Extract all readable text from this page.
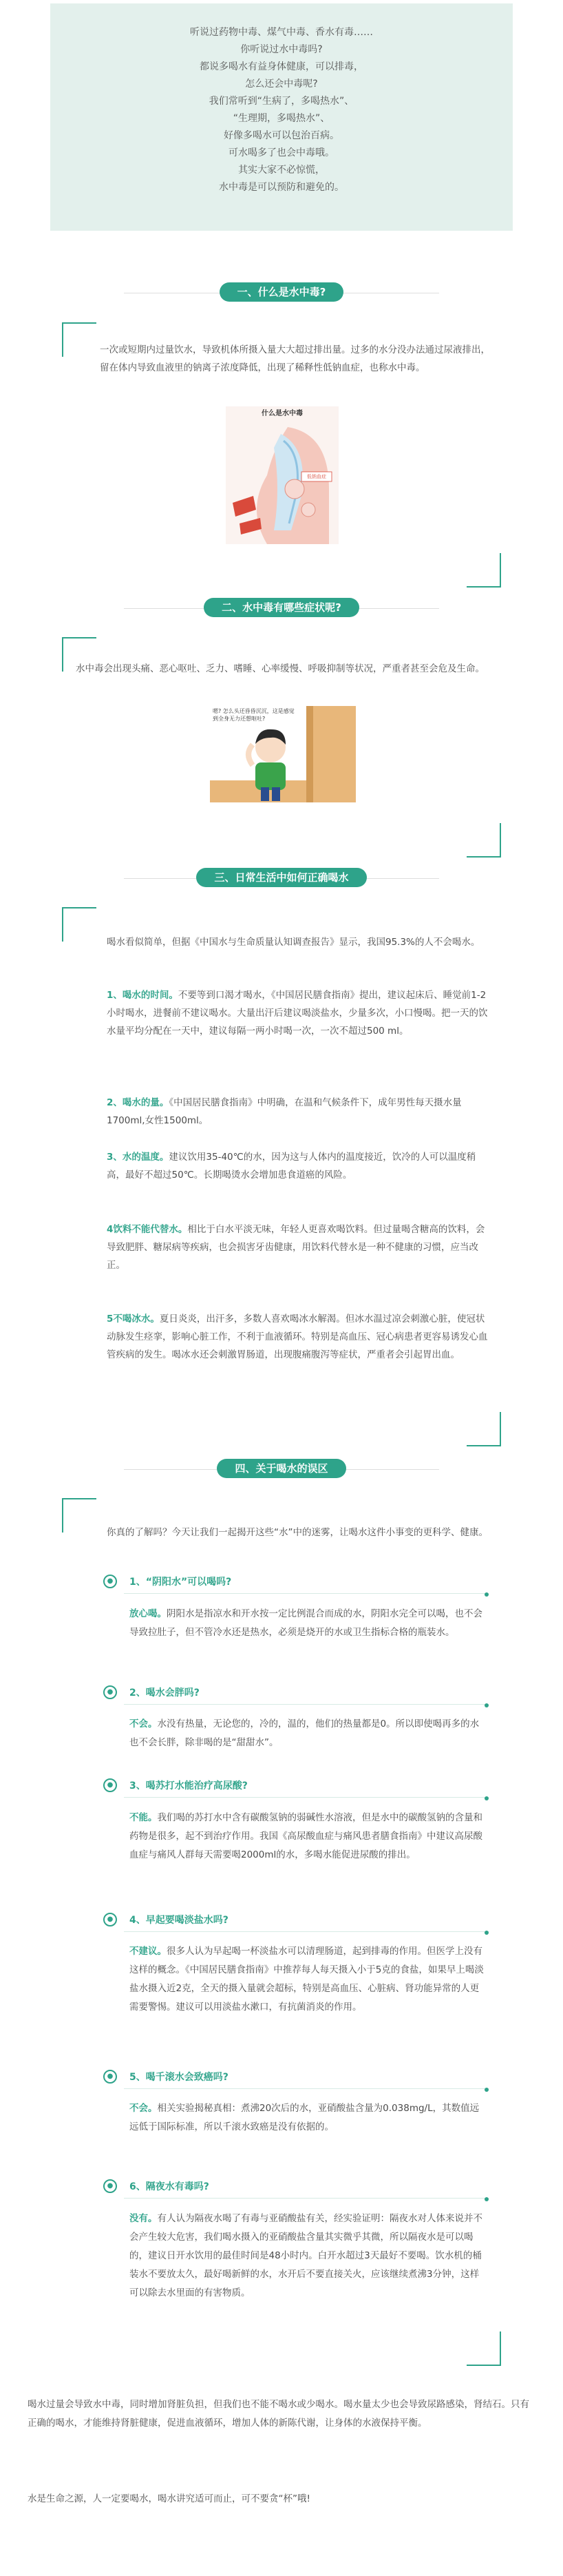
听说过药物中毒、煤气中毒、香水有毒……

你听说过水中毒吗?

都说多喝水有益身体健康，可以排毒，

怎么还会中毒呢?

我们常听到“生病了，多喝热水”、

“生理期，多喝热水”、

好像多喝水可以包治百病。

可水喝多了也会中毒哦。

其实大家不必惊慌，

水中毒是可以预防和避免的。

一、什么是水中毒?
一次或短期内过量饮水，导致机体所摄入量大大超过排出量。过多的水分没办法通过尿液排出，留在体内导致血液里的钠离子浓度降低，出现了稀释性低钠血症，也称水中毒。
什么是水中毒
低钠血症
二、水中毒有哪些症状呢?
水中毒会出现头痛、恶心呕吐、乏力、嗜睡、心率缓慢、呼吸抑制等状况，严重者甚至会危及生命。
嗯? 怎么头还昏昏沉沉，这是感觉到全身无力还想呕吐?
三、日常生活中如何正确喝水
喝水看似简单，但据《中国水与生命质量认知调查报告》显示，我国95.3%的人不会喝水。
1、喝水的时间。不要等到口渴才喝水，《中国居民膳食指南》提出，建议起床后、睡觉前1-2小时喝水，进餐前不建议喝水。大量出汗后建议喝淡盐水，少量多次，小口慢喝。把一天的饮水量平均分配在一天中，建议每隔一两小时喝一次，一次不超过500 ml。
2、喝水的量。《中国居民膳食指南》中明确，在温和气候条件下，成年男性每天摄水量1700ml,女性1500ml。
3、水的温度。建议饮用35-40℃的水，因为这与人体内的温度接近，饮冷的人可以温度稍高，最好不超过50℃。长期喝烫水会增加患食道癌的风险。
4饮料不能代替水。相比于白水平淡无味，年轻人更喜欢喝饮料。但过量喝含糖高的饮料，会导致肥胖、糖尿病等疾病，也会损害牙齿健康，用饮料代替水是一种不健康的习惯，应当改正。
5不喝冰水。夏日炎炎，出汗多，多数人喜欢喝冰水解渴。但冰水温过凉会刺激心脏，使冠状动脉发生痉挛，影响心脏工作，不利于血液循环。特别是高血压、冠心病患者更容易诱发心血管疾病的发生。喝冰水还会刺激胃肠道，出现腹痛腹泻等症状，严重者会引起胃出血。
四、关于喝水的误区
你真的了解吗？今天让我们一起揭开这些“水”中的迷雾，让喝水这件小事变的更科学、健康。
●	1、“阴阳水”可以喝吗?
放心喝。阴阳水是指凉水和开水按一定比例混合而成的水，阴阳水完全可以喝，也不会导致拉肚子，但不管冷水还是热水，必须是烧开的水或卫生指标合格的瓶装水。
●	2、喝水会胖吗?
不会。水没有热量，无论您的，冷的，温的，他们的热量都是0。所以即使喝再多的水也不会长胖，除非喝的是“甜甜水”。
●	3、喝苏打水能治疗高尿酸?
不能。我们喝的苏打水中含有碳酸氢钠的弱碱性水溶液，但是水中的碳酸氢钠的含量和药物是很多，起不到治疗作用。我国《高尿酸血症与痛风患者膳食指南》中建议高尿酸血症与痛风人群每天需要喝2000ml的水，多喝水能促进尿酸的排出。
●	4、早起要喝淡盐水吗?
不建议。很多人认为早起喝一杯淡盐水可以清理肠道，起到排毒的作用。但医学上没有这样的概念。《中国居民膳食指南》中推荐每人每天摄入小于5克的食盐，如果早上喝淡盐水摄入近2克，全天的摄入量就会超标，特别是高血压、心脏病、肾功能异常的人更需要警惕。建议可以用淡盐水漱口，有抗菌消炎的作用。
●	5、喝千滚水会致癌吗?
不会。相关实验揭秘真相：煮沸20次后的水，亚硝酸盐含量为0.038mg/L，其数值远远低于国际标准，所以千滚水致癌是没有依据的。
●	6、隔夜水有毒吗?
没有。有人认为隔夜水喝了有毒与亚硝酸盐有关，经实验证明：隔夜水对人体来说并不会产生较大危害，我们喝水摄入的亚硝酸盐含量其实微乎其微，所以隔夜水是可以喝的，建议日开水饮用的最佳时间是48小时内。白开水超过3天最好不要喝。饮水机的桶装水不要放太久，最好喝新鲜的水，水开后不要直接关火，应该继续煮沸3分钟，这样可以除去水里面的有害物质。
喝水过量会导致水中毒，同时增加肾脏负担，但我们也不能不喝水或少喝水。喝水量太少也会导致尿路感染，肾结石。只有正确的喝水，才能维持肾脏健康，促进血液循环，增加人体的新陈代谢，让身体的水液保持平衡。
水是生命之源，人一定要喝水，喝水讲究适可而止，可不要贪“杯”哦!
